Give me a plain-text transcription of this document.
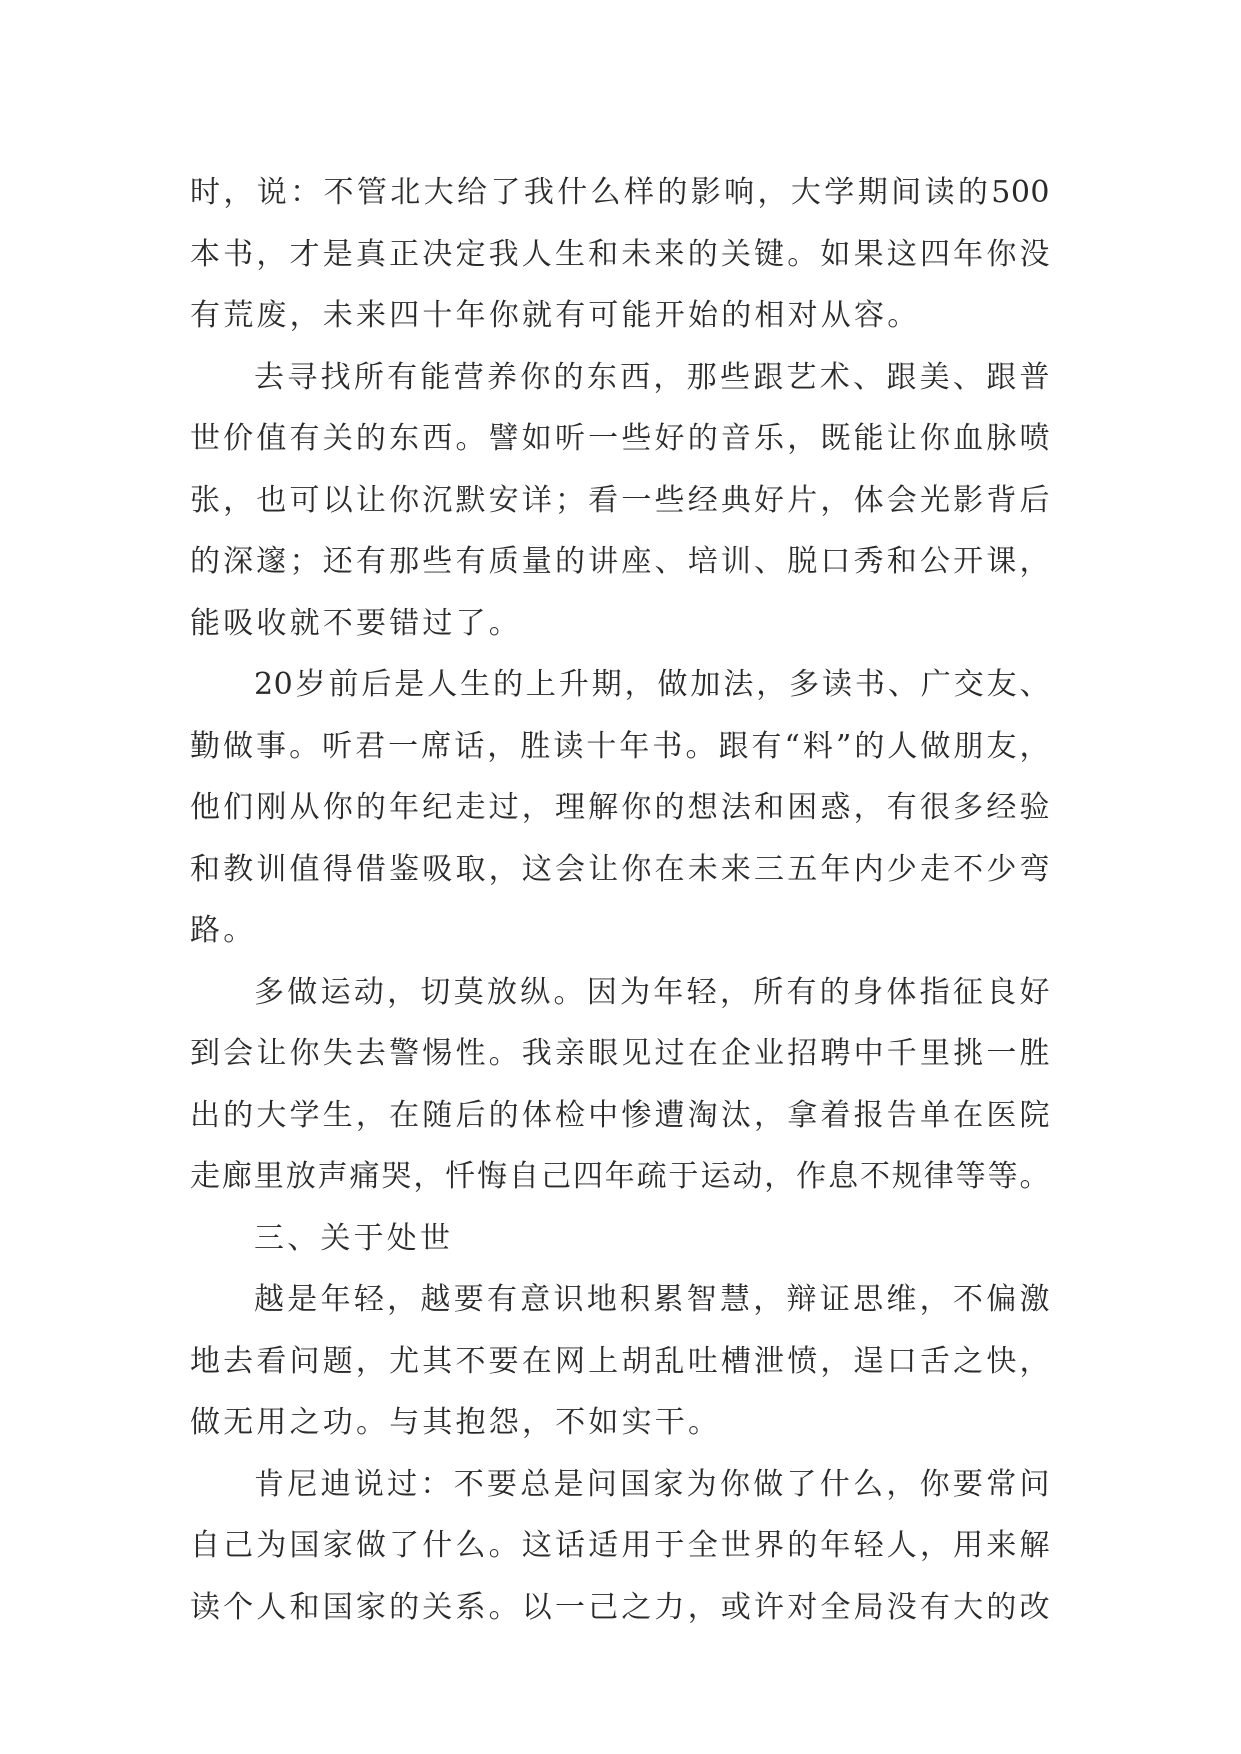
时，说：不管北大给了我什么样的影响，大学期间读的500
本书，才是真正决定我人生和未来的关键。如果这四年你没
有荒废，未来四十年你就有可能开始的相对从容。
去寻找所有能营养你的东西，那些跟艺术、跟美、跟普
世价值有关的东西。譬如听一些好的音乐，既能让你血脉喷
张，也可以让你沉默安详；看一些经典好片，体会光影背后
的深邃；还有那些有质量的讲座、培训、脱口秀和公开课，
能吸收就不要错过了。
20岁前后是人生的上升期，做加法，多读书、广交友、
勤做事。听君一席话，胜读十年书。跟有“料”的人做朋友，
他们刚从你的年纪走过，理解你的想法和困惑，有很多经验
和教训值得借鉴吸取，这会让你在未来三五年内少走不少弯
路。
多做运动，切莫放纵。因为年轻，所有的身体指征良好
到会让你失去警惕性。我亲眼见过在企业招聘中千里挑一胜
出的大学生，在随后的体检中惨遭淘汰，拿着报告单在医院
走廊里放声痛哭，忏悔自己四年疏于运动，作息不规律等等。
三、关于处世
越是年轻，越要有意识地积累智慧，辩证思维，不偏激
地去看问题，尤其不要在网上胡乱吐槽泄愤，逞口舌之快，
做无用之功。与其抱怨，不如实干。
肯尼迪说过：不要总是问国家为你做了什么，你要常问
自己为国家做了什么。这话适用于全世界的年轻人，用来解
读个人和国家的关系。以一己之力，或许对全局没有大的改
